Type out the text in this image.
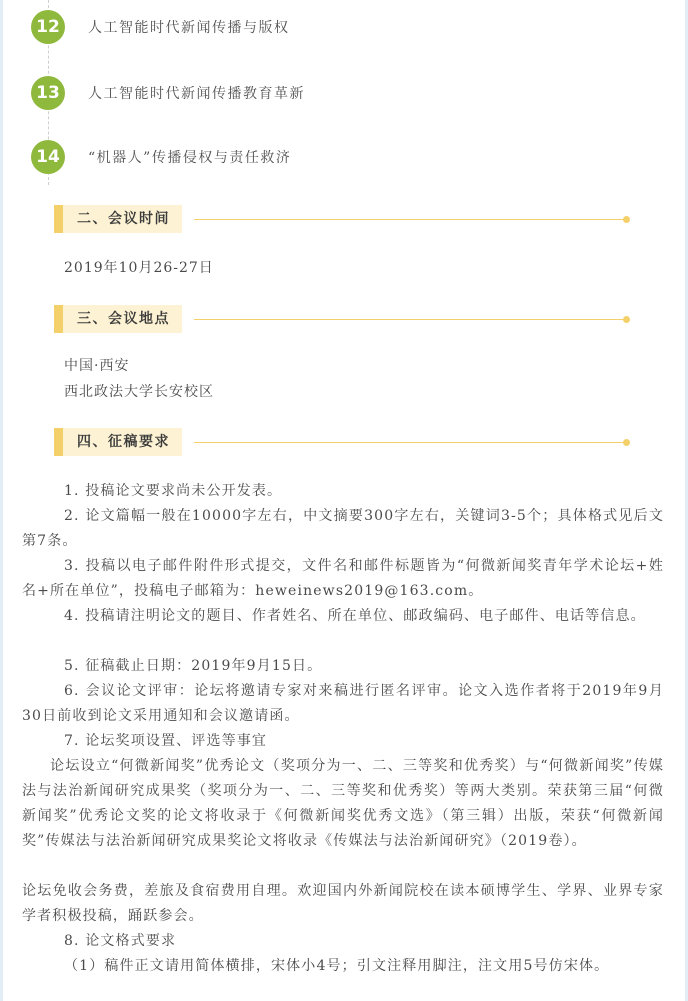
12	人工智能时代新闻传播与版权
13	人工智能时代新闻传播教育革新
14	“机器人”传播侵权与责任救济
二、会议时间
2019年10月26-27日
三、会议地点
中国·西安
西北政法大学长安校区
四、征稿要求

1. 投稿论文要求尚未公开发表。

2. 论文篇幅一般在10000字左右，中文摘要300字左右，关键词3-5个；具体格式见后文第7条。

3. 投稿以电子邮件附件形式提交，文件名和邮件标题皆为“何微新闻奖青年学术论坛+姓名+所在单位”，投稿电子邮箱为：heweinews2019@163.com。

4. 投稿请注明论文的题目、作者姓名、所在单位、邮政编码、电子邮件、电话等信息。

5. 征稿截止日期：2019年9月15日。

6. 会议论文评审：论坛将邀请专家对来稿进行匿名评审。论文入选作者将于2019年9月30日前收到论文采用通知和会议邀请函。

7. 论坛奖项设置、评选等事宜

论坛设立“何微新闻奖”优秀论文（奖项分为一、二、三等奖和优秀奖）与“何微新闻奖”传媒法与法治新闻研究成果奖（奖项分为一、二、三等奖和优秀奖）等两大类别。荣获第三届“何微新闻奖”优秀论文奖的论文将收录于《何微新闻奖优秀文选》（第三辑）出版，荣获“何微新闻奖”传媒法与法治新闻研究成果奖论文将收录《传媒法与法治新闻研究》（2019卷）。

论坛免收会务费，差旅及食宿费用自理。欢迎国内外新闻院校在读本硕博学生、学界、业界专家学者积极投稿，踊跃参会。

8. 论文格式要求

（1）稿件正文请用简体横排，宋体小4号；引文注释用脚注，注文用5号仿宋体。
